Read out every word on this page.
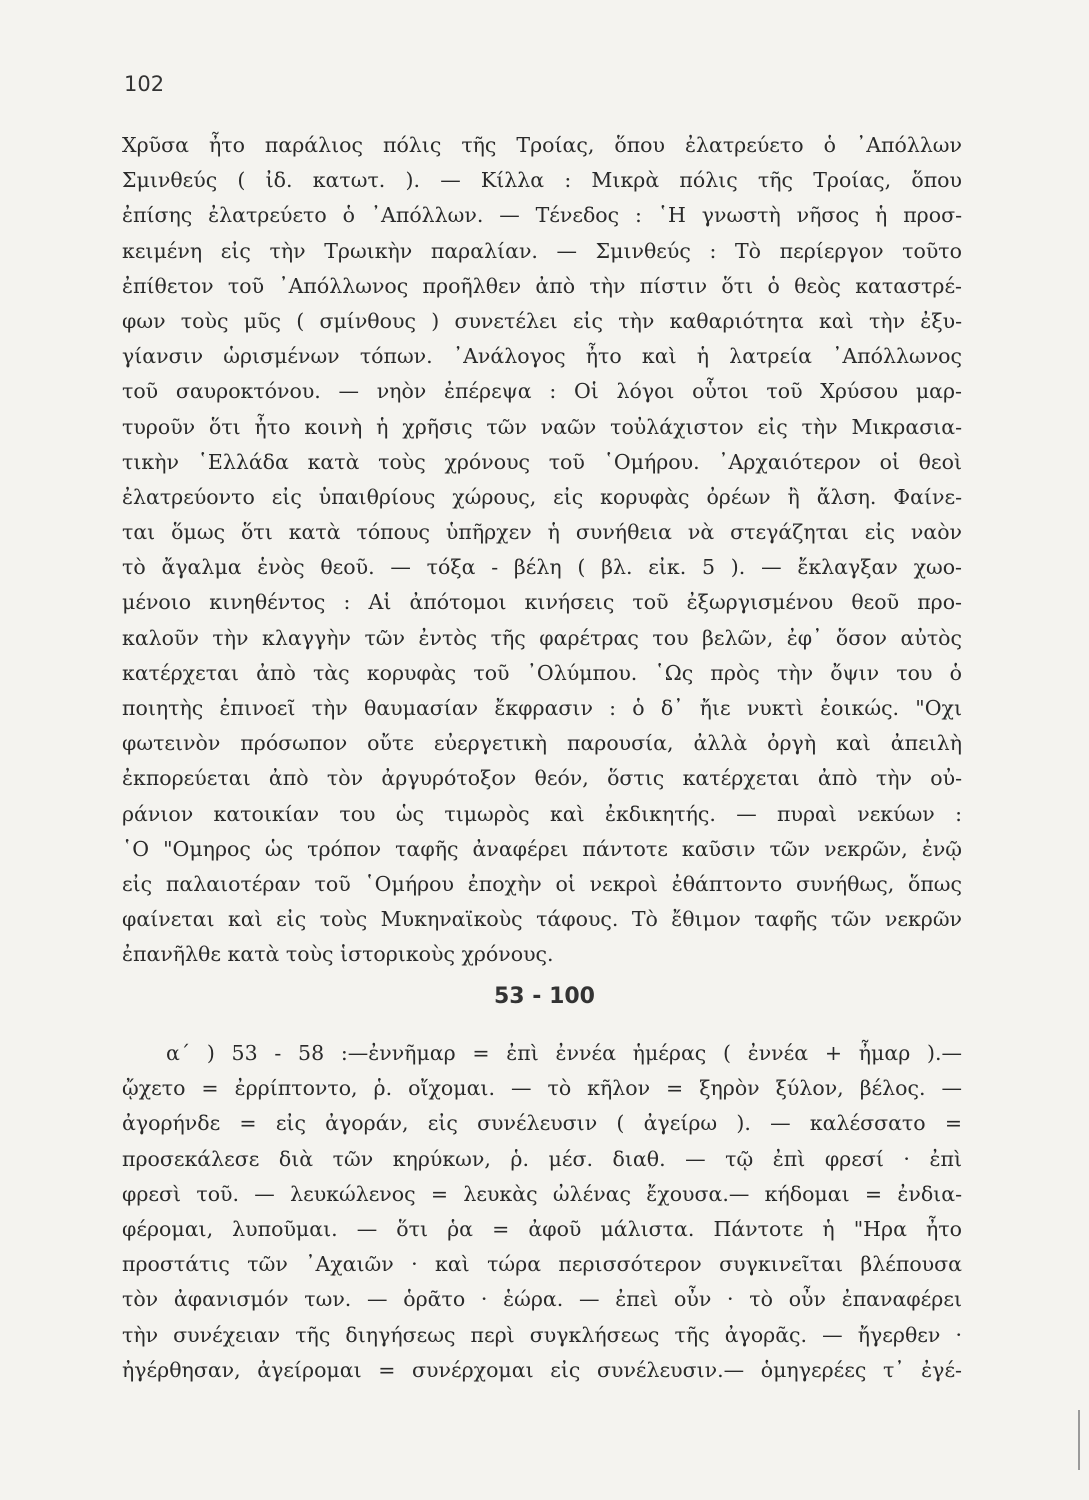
102
Χρῦσα ἦτο παράλιος πόλις τῆς Τροίας, ὅπου ἐλατρεύετο ὁ ᾿Απόλλων
Σμινθεύς ( ἰδ. κατωτ. ). — Κίλλα : Μικρὰ πόλις τῆς Τροίας, ὅπου
ἐπίσης ἐλατρεύετο ὁ ᾿Απόλλων. — Τένεδος : ῾Η γνωστὴ νῆσος ἡ προσ-
κειμένη εἰς τὴν Τρωικὴν παραλίαν. — Σμινθεύς : Τὸ περίεργον τοῦτο
ἐπίθετον τοῦ ᾿Απόλλωνος προῆλθεν ἀπὸ τὴν πίστιν ὅτι ὁ θεὸς καταστρέ-
φων τοὺς μῦς ( σμίνθους ) συνετέλει εἰς τὴν καθαριότητα καὶ τὴν ἐξυ-
γίανσιν ὡρισμένων τόπων. ᾿Ανάλογος ἦτο καὶ ἡ λατρεία ᾿Απόλλωνος
τοῦ σαυροκτόνου. — νηὸν ἐπέρεψα : Οἱ λόγοι οὗτοι τοῦ Χρύσου μαρ-
τυροῦν ὅτι ἦτο κοινὴ ἡ χρῆσις τῶν ναῶν τοὐλάχιστον εἰς τὴν Μικρασια-
τικὴν ῾Ελλάδα κατὰ τοὺς χρόνους τοῦ ῾Ομήρου. ᾿Αρχαιότερον οἱ θεοὶ
ἐλατρεύοντο εἰς ὑπαιθρίους χώρους, εἰς κορυφὰς ὀρέων ἢ ἄλση. Φαίνε-
ται ὅμως ὅτι κατὰ τόπους ὑπῆρχεν ἡ συνήθεια νὰ στεγάζηται εἰς ναὸν
τὸ ἄγαλμα ἑνὸς θεοῦ. — τόξα - βέλη ( βλ. εἰκ. 5 ). — ἔκλαγξαν χωο-
μένοιο κινηθέντος : Αἱ ἀπότομοι κινήσεις τοῦ ἐξωργισμένου θεοῦ προ-
καλοῦν τὴν κλαγγὴν τῶν ἐντὸς τῆς φαρέτρας του βελῶν, ἐφ᾿ ὅσον αὐτὸς
κατέρχεται ἀπὸ τὰς κορυφὰς τοῦ ᾿Ολύμπου. ῾Ως πρὸς τὴν ὄψιν του ὁ
ποιητὴς ἐπινοεῖ τὴν θαυμασίαν ἔκφρασιν : ὁ δ᾿ ἤιε νυκτὶ ἐοικώς. "Οχι
φωτεινὸν πρόσωπον οὔτε εὐεργετικὴ παρουσία, ἀλλὰ ὀργὴ καὶ ἀπειλὴ
ἐκπορεύεται ἀπὸ τὸν ἀργυρότοξον θεόν, ὅστις κατέρχεται ἀπὸ τὴν οὐ-
ράνιον κατοικίαν του ὡς τιμωρὸς καὶ ἐκδικητής. — πυραὶ νεκύων :
῾Ο "Ομηρος ὡς τρόπον ταφῆς ἀναφέρει πάντοτε καῦσιν τῶν νεκρῶν, ἐνῷ
εἰς παλαιοτέραν τοῦ ῾Ομήρου ἐποχὴν οἱ νεκροὶ ἐθάπτοντο συνήθως, ὅπως
φαίνεται καὶ εἰς τοὺς Μυκηναϊκοὺς τάφους. Τὸ ἔθιμον ταφῆς τῶν νεκρῶν
ἐπανῆλθε κατὰ τοὺς ἱστορικοὺς χρόνους.
53 - 100
α΄ ) 53 - 58 :—ἐννῆμαρ = ἐπὶ ἐννέα ἡμέρας ( ἐννέα + ἦμαρ ).—
ᾤχετο = ἐρρίπτοντο, ῥ. οἴχομαι. — τὸ κῆλον = ξηρὸν ξύλον, βέλος. —
ἀγορήνδε = εἰς ἀγοράν, εἰς συνέλευσιν ( ἀγείρω ). — καλέσσατο =
προσεκάλεσε διὰ τῶν κηρύκων, ῥ. μέσ. διαθ. — τῷ ἐπὶ φρεσί · ἐπὶ
φρεσὶ τοῦ. — λευκώλενος = λευκὰς ὠλένας ἔχουσα.— κήδομαι = ἐνδια-
φέρομαι, λυποῦμαι. — ὅτι ῥα = ἀφοῦ μάλιστα. Πάντοτε ἡ "Ηρα ἦτο
προστάτις τῶν ᾿Αχαιῶν · καὶ τώρα περισσότερον συγκινεῖται βλέπουσα
τὸν ἀφανισμόν των. — ὁρᾶτο · ἑώρα. — ἐπεὶ οὖν · τὸ οὖν ἐπαναφέρει
τὴν συνέχειαν τῆς διηγήσεως περὶ συγκλήσεως τῆς ἀγορᾶς. — ἤγερθεν ·
ἠγέρθησαν, ἀγείρομαι = συνέρχομαι εἰς συνέλευσιν.— ὁμηγερέες τ᾿ ἐγέ-
